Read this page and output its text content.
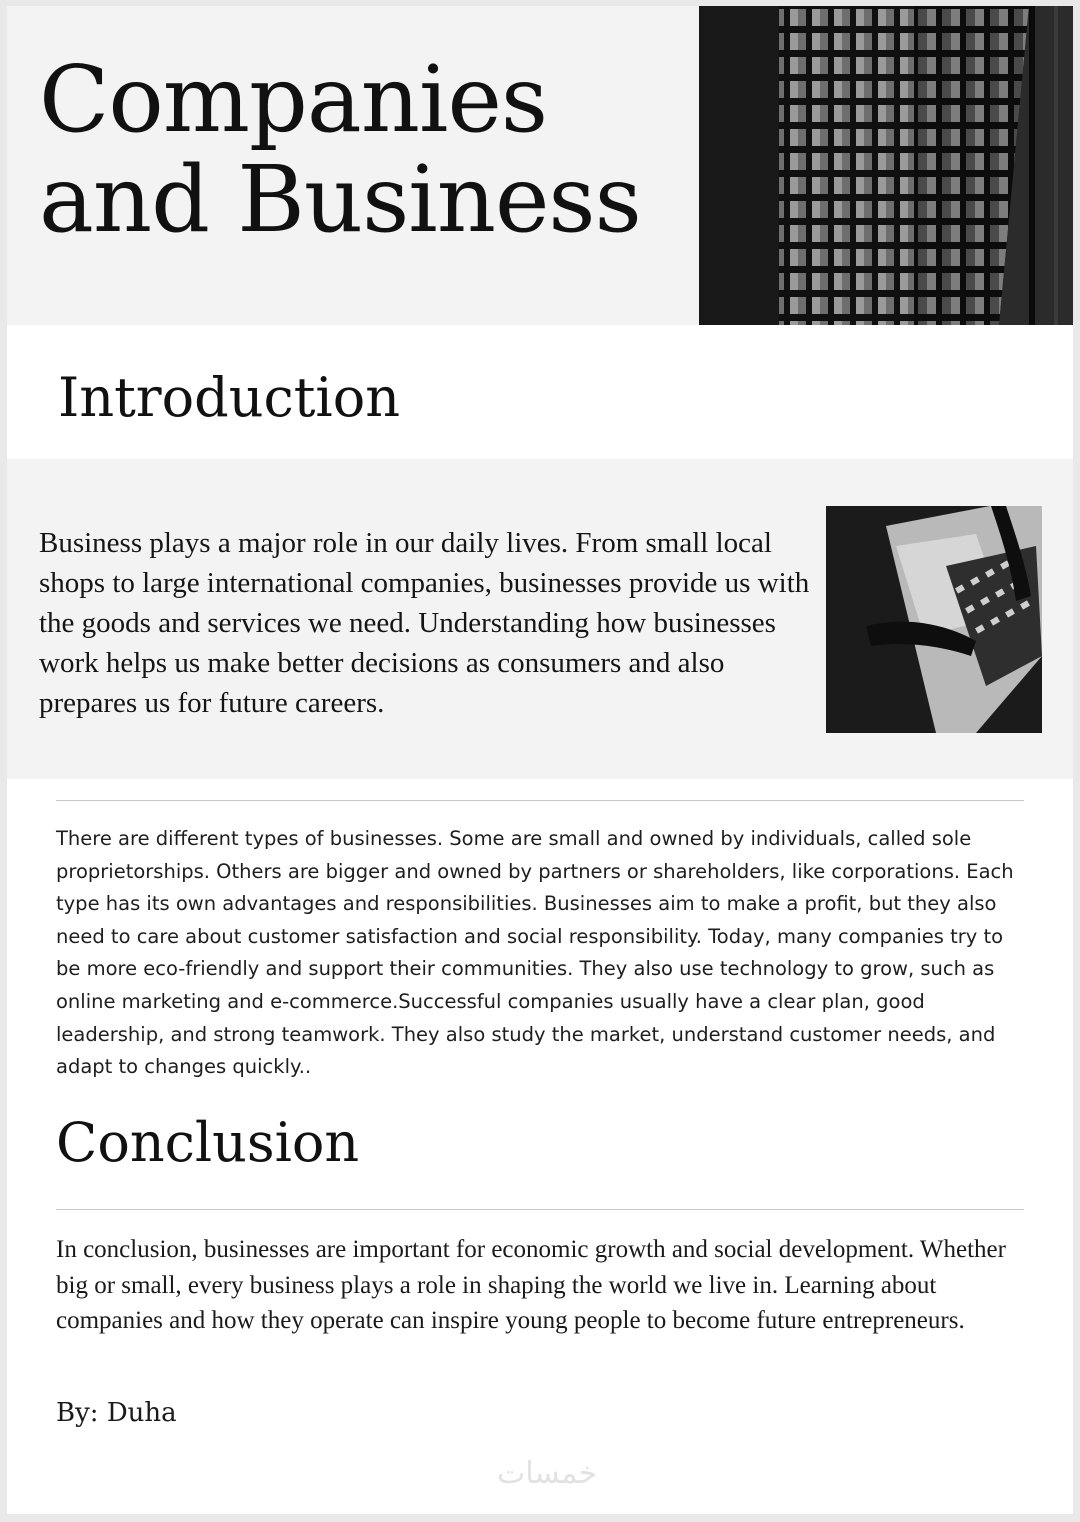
Companies
and Business
Introduction

Business plays a major role in our daily lives. From small local shops to large international companies, businesses provide us with the goods and services we need. Understanding how businesses work helps us make better decisions as consumers and also prepares us for future careers.

There are different types of businesses. Some are small and owned by individuals, called sole proprietorships. Others are bigger and owned by partners or shareholders, like corporations. Each type has its own advantages and responsibilities. Businesses aim to make a profit, but they also need to care about customer satisfaction and social responsibility. Today, many companies try to be more eco-friendly and support their communities. They also use technology to grow, such as online marketing and e-commerce.Successful companies usually have a clear plan, good leadership, and strong teamwork. They also study the market, understand customer needs, and adapt to changes quickly..

Conclusion

In conclusion, businesses are important for economic growth and social development. Whether big or small, every business plays a role in shaping the world we live in. Learning about companies and how they operate can inspire young people to become future entrepreneurs.

By: Duha

خمسات
